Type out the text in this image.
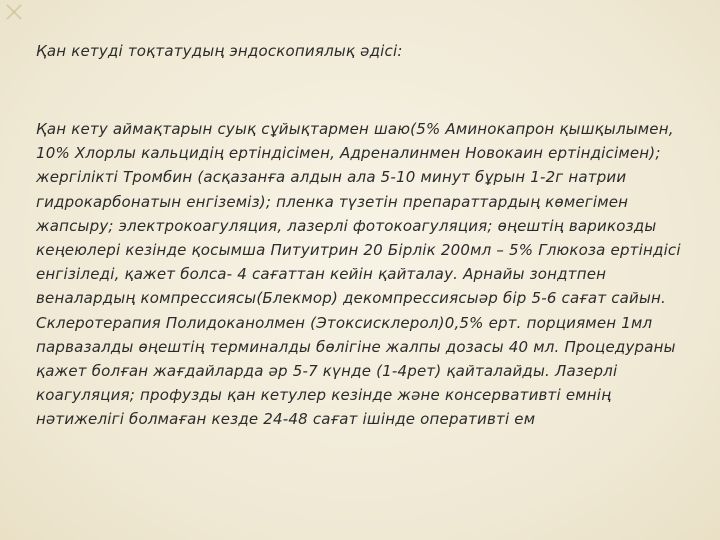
Қан кетуді тоқтатудың эндоскопиялық әдісі:

Қан кету аймақтарын суық сұйықтармен шаю(5% Аминокапрон қышқылымен, 10% Хлорлы кальцидің ертіндісімен, Адреналинмен Новокаин ертіндісімен); жергілікті Тромбин (асқазанға алдын ала 5-10 минут бұрын 1-2г натрии гидрокарбонатын енгіземіз); пленка түзетін препараттардың көмегімен жапсыру; электрокоагуляция, лазерлі фотокоагуляция; өңештің варикозды кеңеюлері кезінде қосымша Питуитрин 20 Бірлік 200мл – 5% Глюкоза ертіндісі енгізіледі, қажет болса- 4 сағаттан кейін қайталау. Арнайы зондтпен веналардың компрессиясы(Блекмор) декомпрессиясыәр бір 5-6 сағат сайын. Склеротерапия Полидоканолмен (Этоксисклерол)0,5% ерт. порциямен 1мл парвазалды өңештің терминалды бөлігіне жалпы дозасы 40 мл. Процедураны қажет болған жағдайларда әр 5-7 күнде (1-4рет) қайталайды. Лазерлі коагуляция; профузды қан кетулер кезінде және консервативті емнің нәтижелігі болмаған кезде 24-48 сағат ішінде оперативті ем
